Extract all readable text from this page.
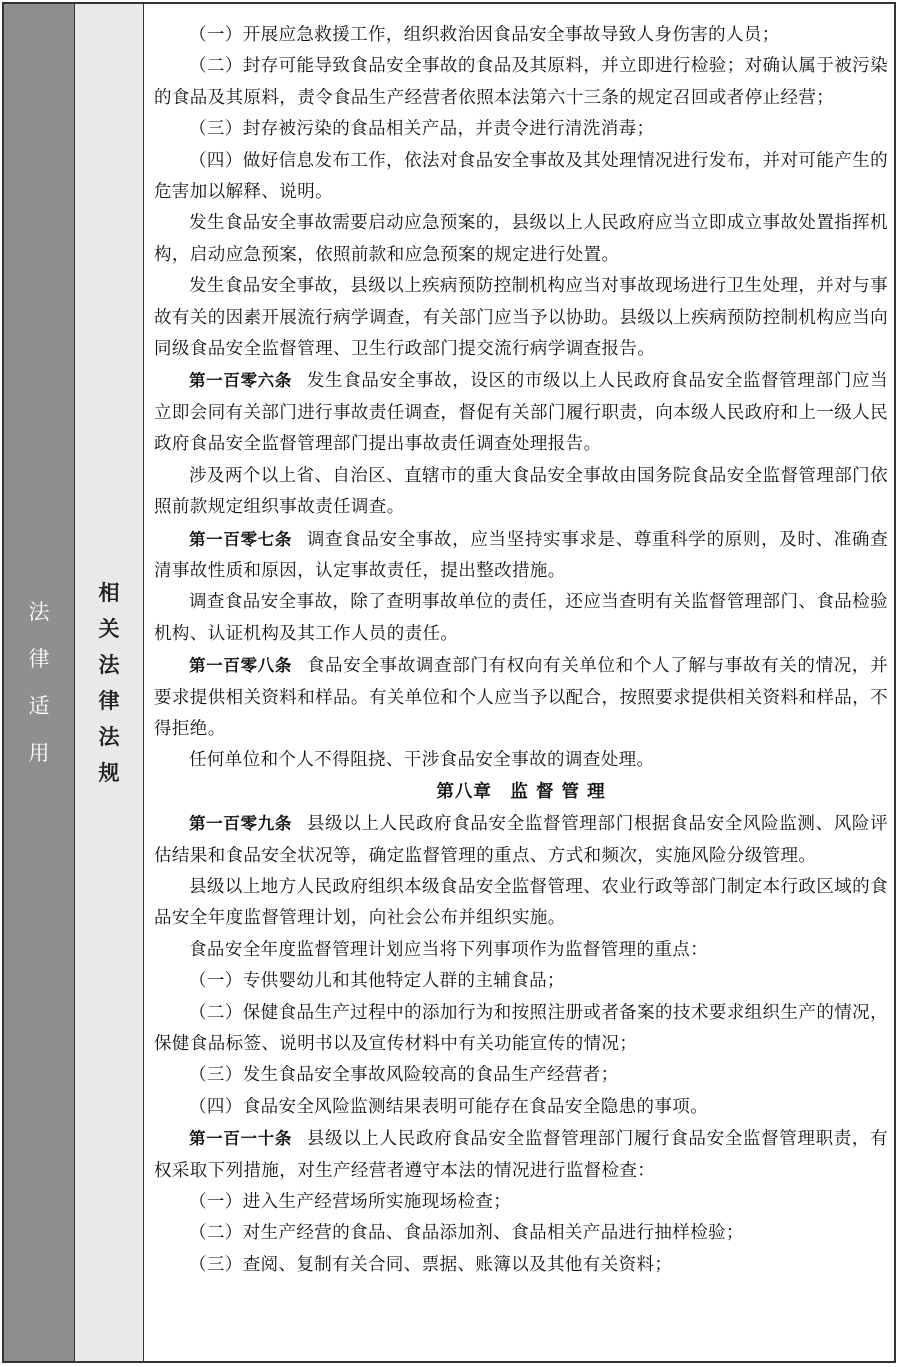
法
律
适
用
相
关
法
律
法
规

（一）开展应急救援工作，组织救治因食品安全事故导致人身伤害的人员；

（二）封存可能导致食品安全事故的食品及其原料，并立即进行检验；对确认属于被污染的食品及其原料，责令食品生产经营者依照本法第六十三条的规定召回或者停止经营；

（三）封存被污染的食品相关产品，并责令进行清洗消毒；

（四）做好信息发布工作，依法对食品安全事故及其处理情况进行发布，并对可能产生的危害加以解释、说明。

发生食品安全事故需要启动应急预案的，县级以上人民政府应当立即成立事故处置指挥机构，启动应急预案，依照前款和应急预案的规定进行处置。

发生食品安全事故，县级以上疾病预防控制机构应当对事故现场进行卫生处理，并对与事故有关的因素开展流行病学调查，有关部门应当予以协助。县级以上疾病预防控制机构应当向同级食品安全监督管理、卫生行政部门提交流行病学调查报告。

第一百零六条 发生食品安全事故，设区的市级以上人民政府食品安全监督管理部门应当立即会同有关部门进行事故责任调查，督促有关部门履行职责，向本级人民政府和上一级人民政府食品安全监督管理部门提出事故责任调查处理报告。

涉及两个以上省、自治区、直辖市的重大食品安全事故由国务院食品安全监督管理部门依照前款规定组织事故责任调查。

第一百零七条 调查食品安全事故，应当坚持实事求是、尊重科学的原则，及时、准确查清事故性质和原因，认定事故责任，提出整改措施。

调查食品安全事故，除了查明事故单位的责任，还应当查明有关监督管理部门、食品检验机构、认证机构及其工作人员的责任。

第一百零八条 食品安全事故调查部门有权向有关单位和个人了解与事故有关的情况，并要求提供相关资料和样品。有关单位和个人应当予以配合，按照要求提供相关资料和样品，不得拒绝。

任何单位和个人不得阻挠、干涉食品安全事故的调查处理。

第八章　监 督 管 理

第一百零九条 县级以上人民政府食品安全监督管理部门根据食品安全风险监测、风险评估结果和食品安全状况等，确定监督管理的重点、方式和频次，实施风险分级管理。

县级以上地方人民政府组织本级食品安全监督管理、农业行政等部门制定本行政区域的食品安全年度监督管理计划，向社会公布并组织实施。

食品安全年度监督管理计划应当将下列事项作为监督管理的重点：

（一）专供婴幼儿和其他特定人群的主辅食品；

（二）保健食品生产过程中的添加行为和按照注册或者备案的技术要求组织生产的情况，保健食品标签、说明书以及宣传材料中有关功能宣传的情况；

（三）发生食品安全事故风险较高的食品生产经营者；

（四）食品安全风险监测结果表明可能存在食品安全隐患的事项。

第一百一十条 县级以上人民政府食品安全监督管理部门履行食品安全监督管理职责，有权采取下列措施，对生产经营者遵守本法的情况进行监督检查：

（一）进入生产经营场所实施现场检查；

（二）对生产经营的食品、食品添加剂、食品相关产品进行抽样检验；

（三）查阅、复制有关合同、票据、账簿以及其他有关资料；
